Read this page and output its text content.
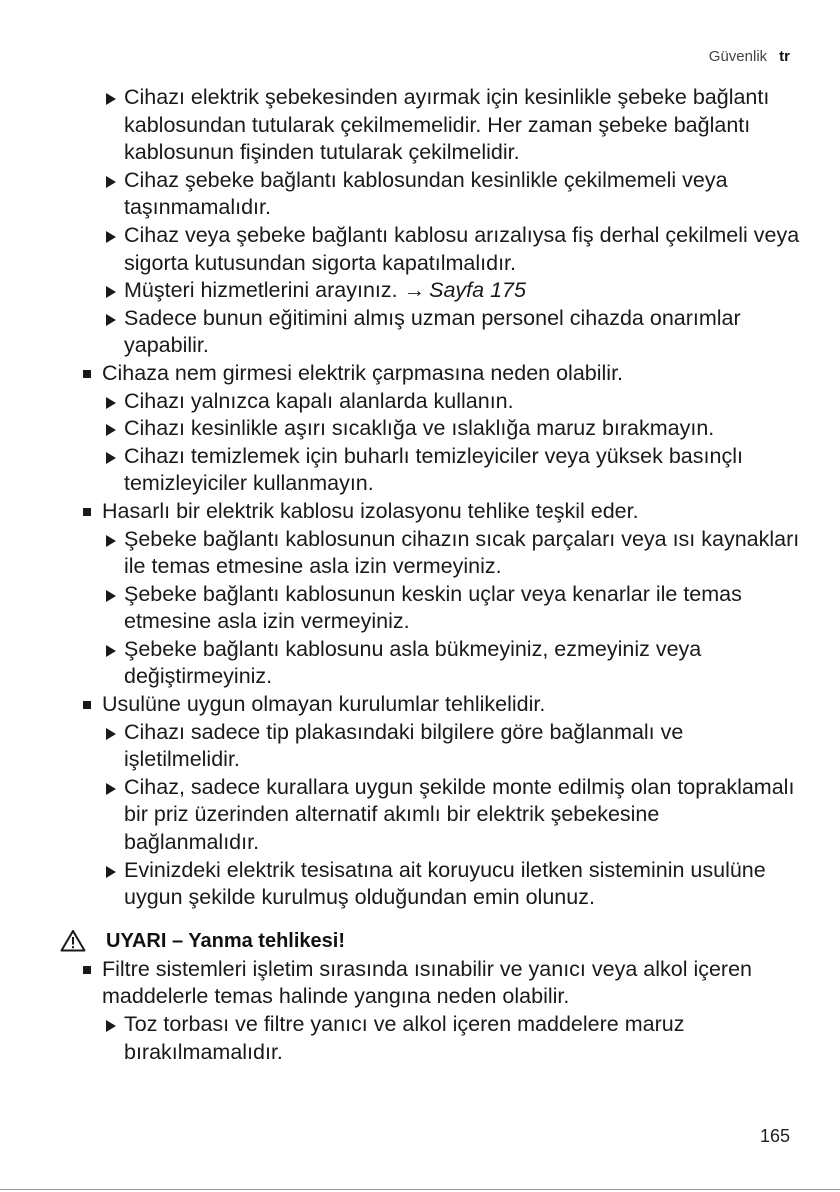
Güvenlik tr
Cihazı elektrik şebekesinden ayırmak için kesinlikle şebeke bağlantı kablosundan tutularak çekilmemelidir. Her zaman şebeke bağlantı kablosunun fişinden tutularak çekilmelidir.
Cihaz şebeke bağlantı kablosundan kesinlikle çekilmemeli veya taşınmamalıdır.
Cihaz veya şebeke bağlantı kablosu arızalıysa fiş derhal çekilmeli veya sigorta kutusundan sigorta kapatılmalıdır.
Müşteri hizmetlerini arayınız. → Sayfa 175
Sadece bunun eğitimini almış uzman personel cihazda onarımlar yapabilir.
Cihaza nem girmesi elektrik çarpmasına neden olabilir.
Cihazı yalnızca kapalı alanlarda kullanın.
Cihazı kesinlikle aşırı sıcaklığa ve ıslaklığa maruz bırakmayın.
Cihazı temizlemek için buharlı temizleyiciler veya yüksek basınçlı temizleyiciler kullanmayın.
Hasarlı bir elektrik kablosu izolasyonu tehlike teşkil eder.
Şebeke bağlantı kablosunun cihazın sıcak parçaları veya ısı kaynakları ile temas etmesine asla izin vermeyiniz.
Şebeke bağlantı kablosunun keskin uçlar veya kenarlar ile temas etmesine asla izin vermeyiniz.
Şebeke bağlantı kablosunu asla bükmeyiniz, ezmeyiniz veya değiştirmeyiniz.
Usulüne uygun olmayan kurulumlar tehlikelidir.
Cihazı sadece tip plakasındaki bilgilere göre bağlanmalı ve işletilmelidir.
Cihaz, sadece kurallara uygun şekilde monte edilmiş olan topraklamalı bir priz üzerinden alternatif akımlı bir elektrik şebekesine bağlanmalıdır.
Evinizdeki elektrik tesisatına ait koruyucu iletken sisteminin usulüne uygun şekilde kurulmuş olduğundan emin olunuz.
UYARI – Yanma tehlikesi!
Filtre sistemleri işletim sırasında ısınabilir ve yanıcı veya alkol içeren maddelerle temas halinde yangına neden olabilir.
Toz torbası ve filtre yanıcı ve alkol içeren maddelere maruz bırakılmamalıdır.
165
